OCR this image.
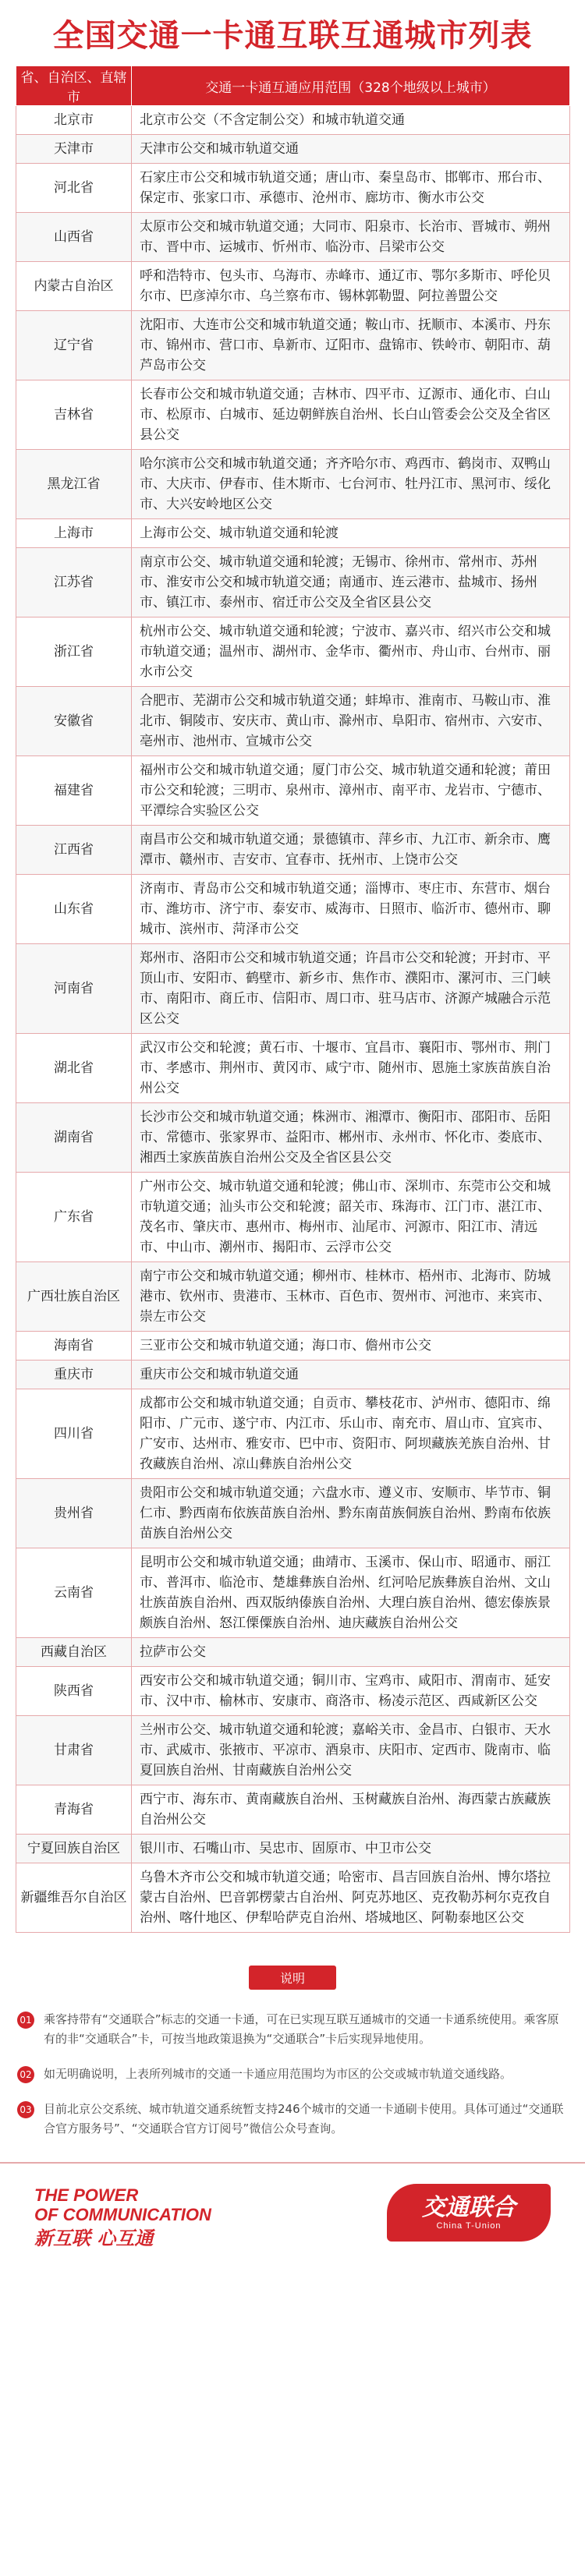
全国交通一卡通互联互通城市列表
省、自治区、直辖市	交通一卡通互通应用范围（328个地级以上城市）
北京市	北京市公交（不含定制公交）和城市轨道交通
天津市	天津市公交和城市轨道交通
河北省	石家庄市公交和城市轨道交通；唐山市、秦皇岛市、邯郸市、邢台市、保定市、张家口市、承德市、沧州市、廊坊市、衡水市公交
山西省	太原市公交和城市轨道交通；大同市、阳泉市、长治市、晋城市、朔州市、晋中市、运城市、忻州市、临汾市、吕梁市公交
内蒙古自治区	呼和浩特市、包头市、乌海市、赤峰市、通辽市、鄂尔多斯市、呼伦贝尔市、巴彦淖尔市、乌兰察布市、锡林郭勒盟、阿拉善盟公交
辽宁省	沈阳市、大连市公交和城市轨道交通；鞍山市、抚顺市、本溪市、丹东市、锦州市、营口市、阜新市、辽阳市、盘锦市、铁岭市、朝阳市、葫芦岛市公交
吉林省	长春市公交和城市轨道交通；吉林市、四平市、辽源市、通化市、白山市、松原市、白城市、延边朝鲜族自治州、长白山管委会公交及全省区县公交
黑龙江省	哈尔滨市公交和城市轨道交通；齐齐哈尔市、鸡西市、鹤岗市、双鸭山市、大庆市、伊春市、佳木斯市、七台河市、牡丹江市、黑河市、绥化市、大兴安岭地区公交
上海市	上海市公交、城市轨道交通和轮渡
江苏省	南京市公交、城市轨道交通和轮渡；无锡市、徐州市、常州市、苏州市、淮安市公交和城市轨道交通；南通市、连云港市、盐城市、扬州市、镇江市、泰州市、宿迁市公交及全省区县公交
浙江省	杭州市公交、城市轨道交通和轮渡；宁波市、嘉兴市、绍兴市公交和城市轨道交通；温州市、湖州市、金华市、衢州市、舟山市、台州市、丽水市公交
安徽省	合肥市、芜湖市公交和城市轨道交通；蚌埠市、淮南市、马鞍山市、淮北市、铜陵市、安庆市、黄山市、滁州市、阜阳市、宿州市、六安市、亳州市、池州市、宣城市公交
福建省	福州市公交和城市轨道交通；厦门市公交、城市轨道交通和轮渡；莆田市公交和轮渡；三明市、泉州市、漳州市、南平市、龙岩市、宁德市、平潭综合实验区公交
江西省	南昌市公交和城市轨道交通；景德镇市、萍乡市、九江市、新余市、鹰潭市、赣州市、吉安市、宜春市、抚州市、上饶市公交
山东省	济南市、青岛市公交和城市轨道交通；淄博市、枣庄市、东营市、烟台市、潍坊市、济宁市、泰安市、威海市、日照市、临沂市、德州市、聊城市、滨州市、菏泽市公交
河南省	郑州市、洛阳市公交和城市轨道交通；许昌市公交和轮渡；开封市、平顶山市、安阳市、鹤壁市、新乡市、焦作市、濮阳市、漯河市、三门峡市、南阳市、商丘市、信阳市、周口市、驻马店市、济源产城融合示范区公交
湖北省	武汉市公交和轮渡；黄石市、十堰市、宜昌市、襄阳市、鄂州市、荆门市、孝感市、荆州市、黄冈市、咸宁市、随州市、恩施土家族苗族自治州公交
湖南省	长沙市公交和城市轨道交通；株洲市、湘潭市、衡阳市、邵阳市、岳阳市、常德市、张家界市、益阳市、郴州市、永州市、怀化市、娄底市、湘西土家族苗族自治州公交及全省区县公交
广东省	广州市公交、城市轨道交通和轮渡；佛山市、深圳市、东莞市公交和城市轨道交通；汕头市公交和轮渡；韶关市、珠海市、江门市、湛江市、茂名市、肇庆市、惠州市、梅州市、汕尾市、河源市、阳江市、清远市、中山市、潮州市、揭阳市、云浮市公交
广西壮族自治区	南宁市公交和城市轨道交通；柳州市、桂林市、梧州市、北海市、防城港市、钦州市、贵港市、玉林市、百色市、贺州市、河池市、来宾市、崇左市公交
海南省	三亚市公交和城市轨道交通；海口市、儋州市公交
重庆市	重庆市公交和城市轨道交通
四川省	成都市公交和城市轨道交通；自贡市、攀枝花市、泸州市、德阳市、绵阳市、广元市、遂宁市、内江市、乐山市、南充市、眉山市、宜宾市、广安市、达州市、雅安市、巴中市、资阳市、阿坝藏族羌族自治州、甘孜藏族自治州、凉山彝族自治州公交
贵州省	贵阳市公交和城市轨道交通；六盘水市、遵义市、安顺市、毕节市、铜仁市、黔西南布依族苗族自治州、黔东南苗族侗族自治州、黔南布依族苗族自治州公交
云南省	昆明市公交和城市轨道交通；曲靖市、玉溪市、保山市、昭通市、丽江市、普洱市、临沧市、楚雄彝族自治州、红河哈尼族彝族自治州、文山壮族苗族自治州、西双版纳傣族自治州、大理白族自治州、德宏傣族景颇族自治州、怒江傈僳族自治州、迪庆藏族自治州公交
西藏自治区	拉萨市公交
陕西省	西安市公交和城市轨道交通；铜川市、宝鸡市、咸阳市、渭南市、延安市、汉中市、榆林市、安康市、商洛市、杨凌示范区、西咸新区公交
甘肃省	兰州市公交、城市轨道交通和轮渡；嘉峪关市、金昌市、白银市、天水市、武威市、张掖市、平凉市、酒泉市、庆阳市、定西市、陇南市、临夏回族自治州、甘南藏族自治州公交
青海省	西宁市、海东市、黄南藏族自治州、玉树藏族自治州、海西蒙古族藏族自治州公交
宁夏回族自治区	银川市、石嘴山市、吴忠市、固原市、中卫市公交
新疆维吾尔自治区	乌鲁木齐市公交和城市轨道交通；哈密市、昌吉回族自治州、博尔塔拉蒙古自治州、巴音郭楞蒙古自治州、阿克苏地区、克孜勒苏柯尔克孜自治州、喀什地区、伊犁哈萨克自治州、塔城地区、阿勒泰地区公交
说明
01 乘客持带有“交通联合”标志的交通一卡通，可在已实现互联互通城市的交通一卡通系统使用。乘客原有的非“交通联合”卡，可按当地政策退换为“交通联合”卡后实现异地使用。
02 如无明确说明，上表所列城市的交通一卡通应用范围均为市区的公交或城市轨道交通线路。
03 目前北京公交系统、城市轨道交通系统暂支持246个城市的交通一卡通刷卡使用。具体可通过“交通联合官方服务号”、“交通联合官方订阅号”微信公众号查询。
THE POWER
OF COMMUNICATION
新互联 心互通
交通联合
China T-Union
